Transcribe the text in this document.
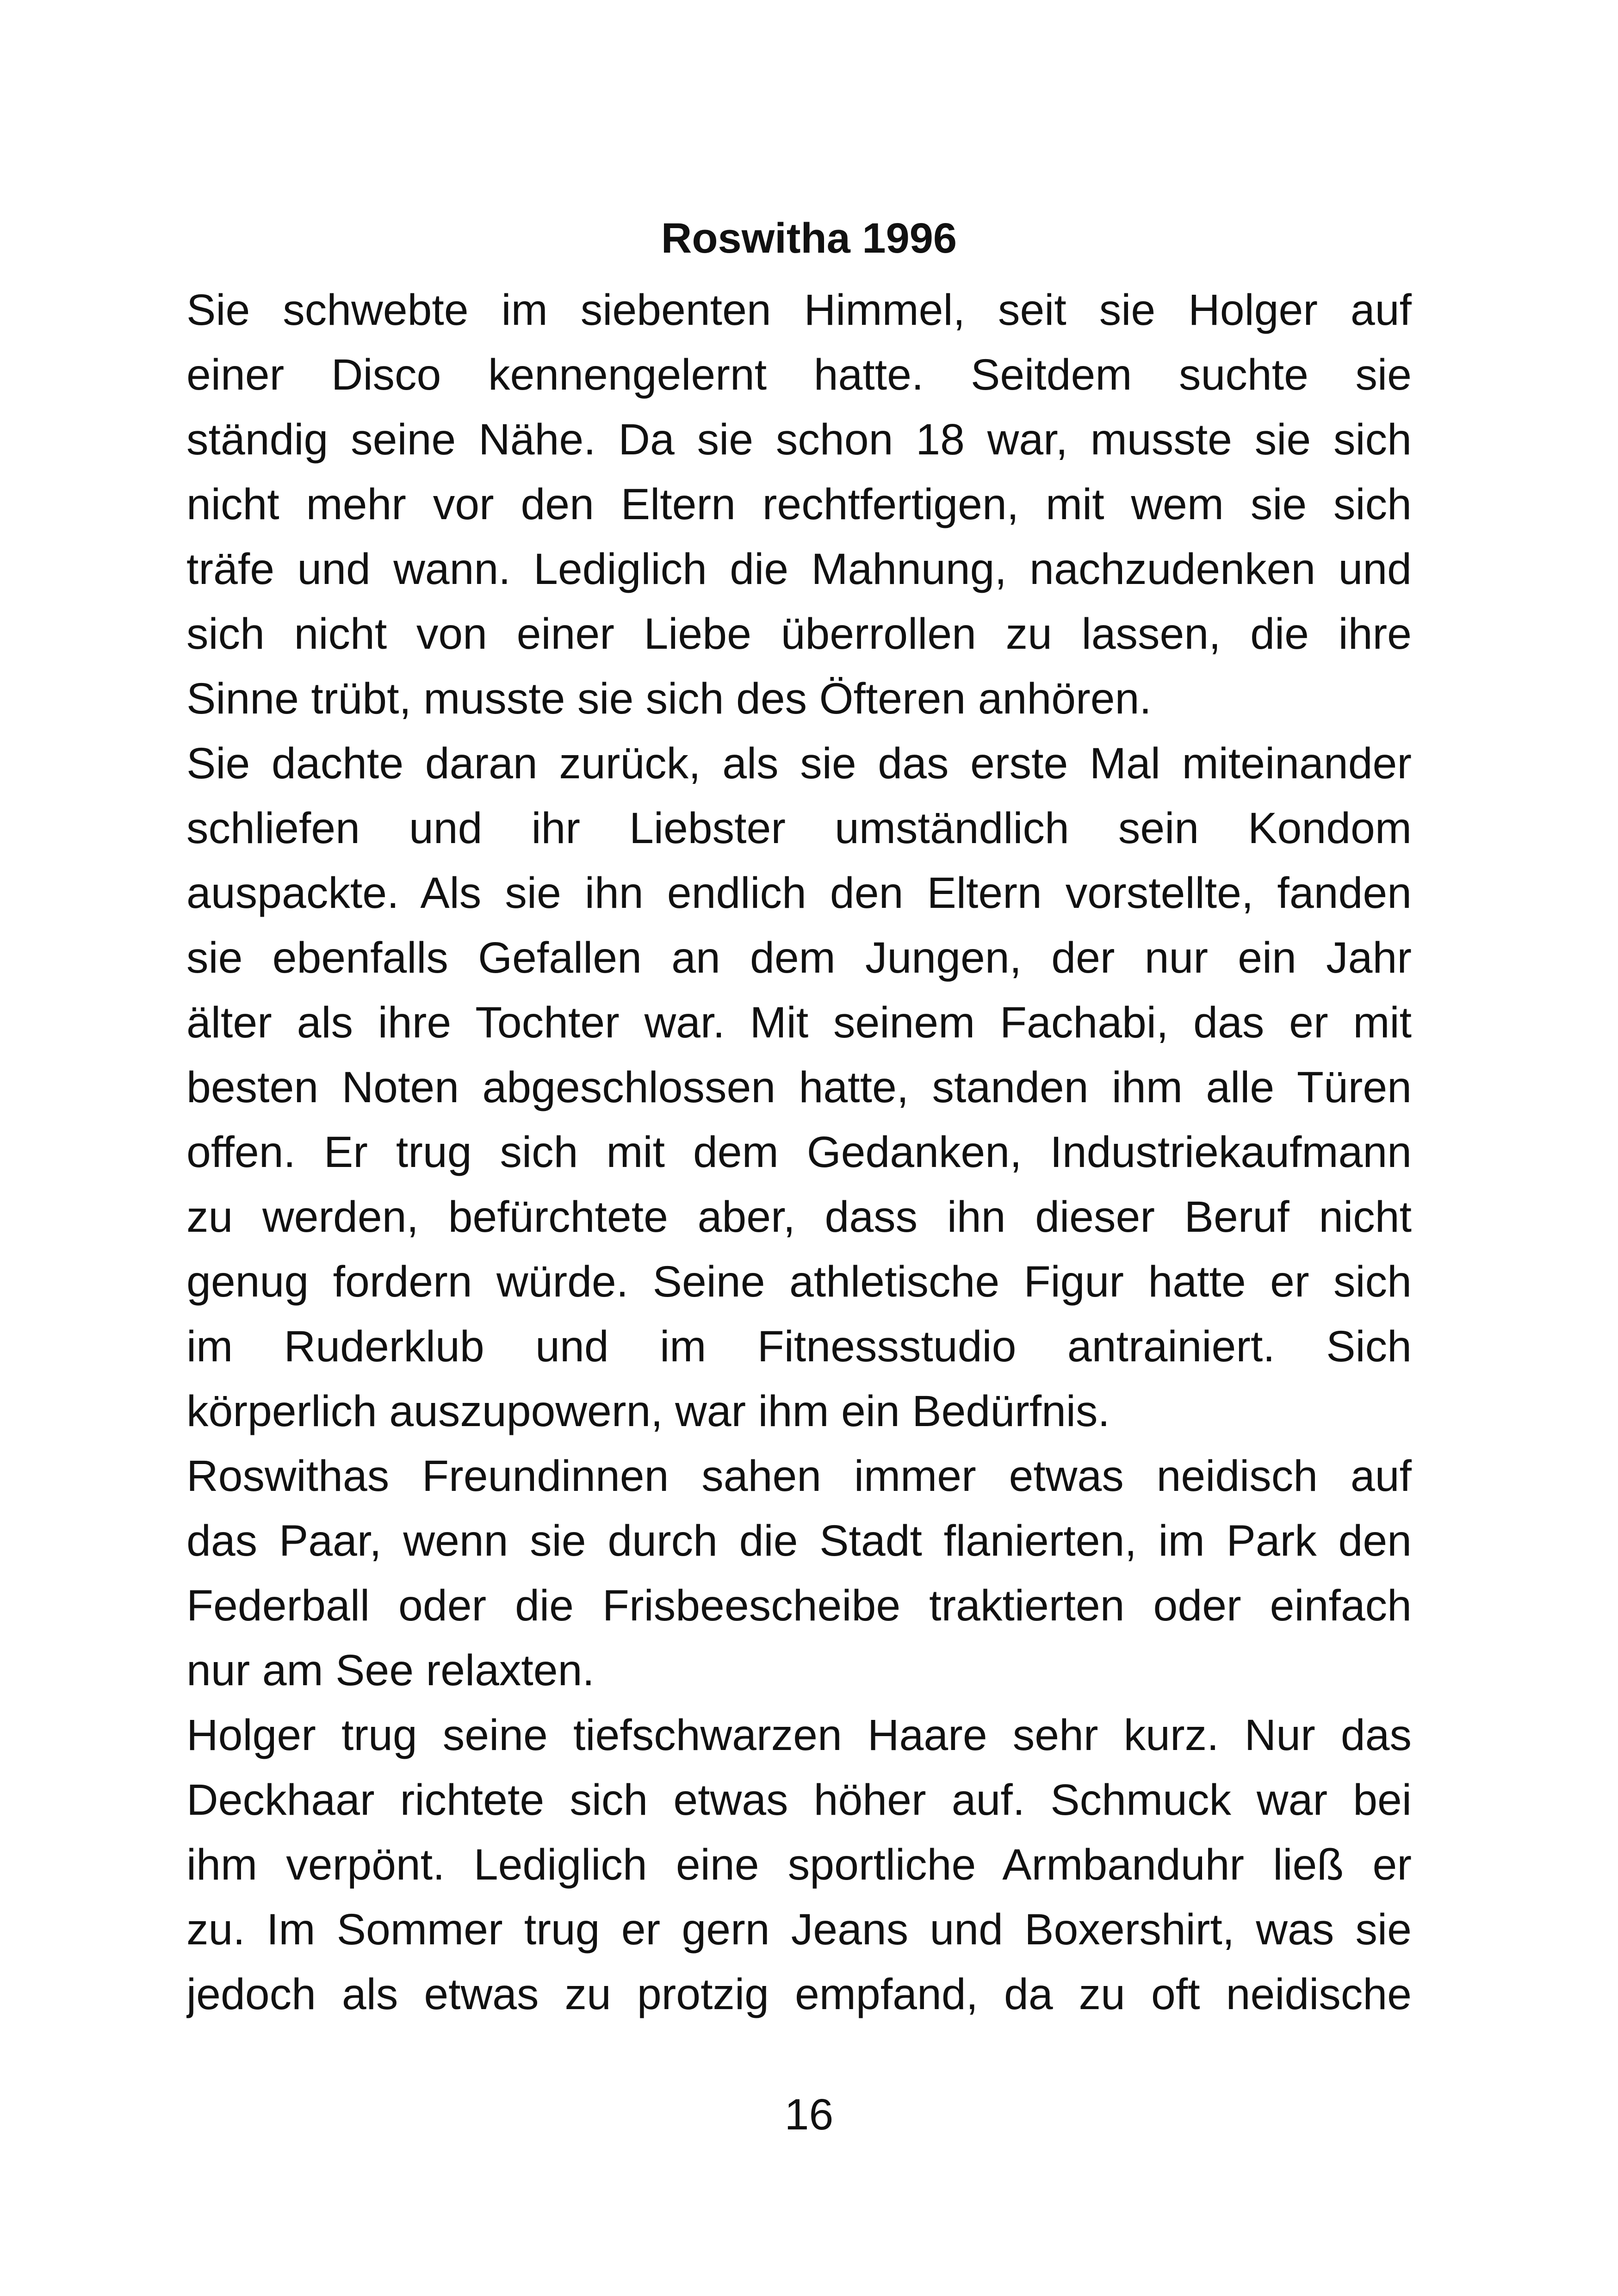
Roswitha 1996
Sie schwebte im siebenten Himmel, seit sie Holger auf
einer Disco kennengelernt hatte. Seitdem suchte sie
ständig seine Nähe. Da sie schon 18 war, musste sie sich
nicht mehr vor den Eltern rechtfertigen, mit wem sie sich
träfe und wann. Lediglich die Mahnung, nachzudenken und
sich nicht von einer Liebe überrollen zu lassen, die ihre
Sinne trübt, musste sie sich des Öfteren anhören.
Sie dachte daran zurück, als sie das erste Mal miteinander
schliefen und ihr Liebster umständlich sein Kondom
auspackte. Als sie ihn endlich den Eltern vorstellte, fanden
sie ebenfalls Gefallen an dem Jungen, der nur ein Jahr
älter als ihre Tochter war. Mit seinem Fachabi, das er mit
besten Noten abgeschlossen hatte, standen ihm alle Türen
offen. Er trug sich mit dem Gedanken, Industriekaufmann
zu werden, befürchtete aber, dass ihn dieser Beruf nicht
genug fordern würde. Seine athletische Figur hatte er sich
im Ruderklub und im Fitnessstudio antrainiert. Sich
körperlich auszupowern, war ihm ein Bedürfnis.
Roswithas Freundinnen sahen immer etwas neidisch auf
das Paar, wenn sie durch die Stadt flanierten, im Park den
Federball oder die Frisbeescheibe traktierten oder einfach
nur am See relaxten.
Holger trug seine tiefschwarzen Haare sehr kurz. Nur das
Deckhaar richtete sich etwas höher auf. Schmuck war bei
ihm verpönt. Lediglich eine sportliche Armbanduhr ließ er
zu. Im Sommer trug er gern Jeans und Boxershirt, was sie
jedoch als etwas zu protzig empfand, da zu oft neidische
16
